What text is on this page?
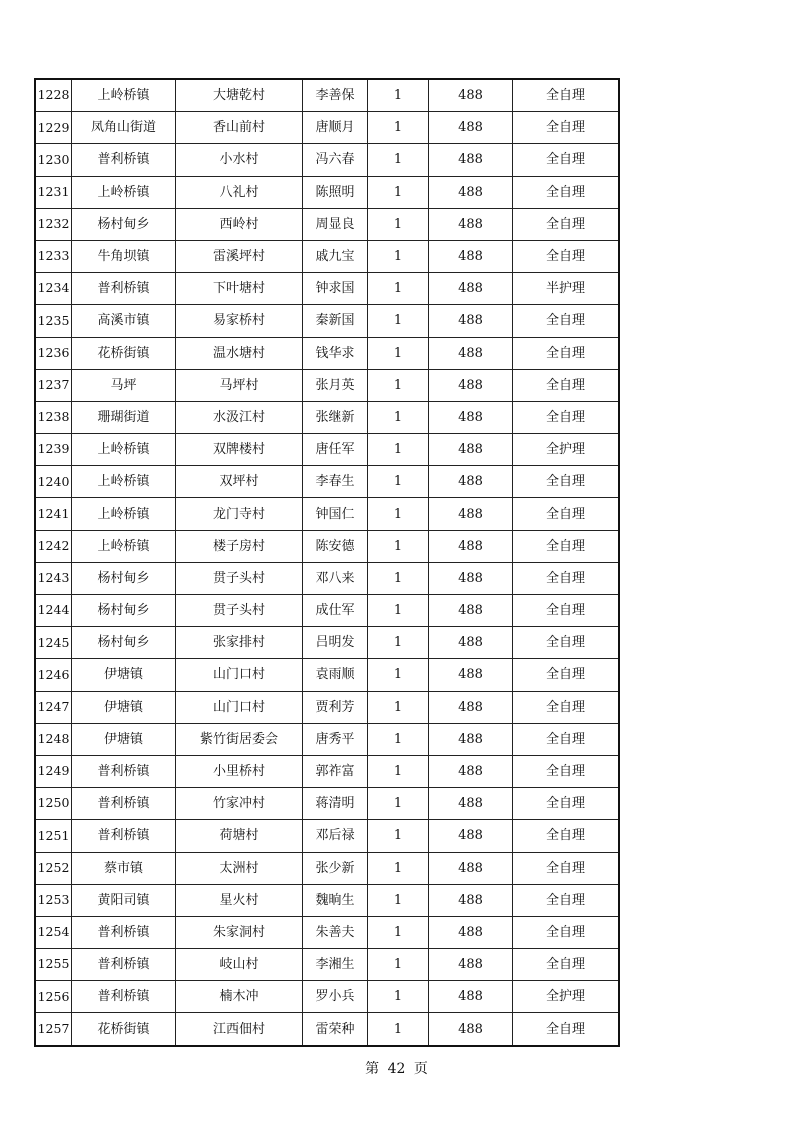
1228	上岭桥镇	大塘乾村	李善保	1	488	全自理
1229	凤角山街道	香山前村	唐顺月	1	488	全自理
1230	普利桥镇	小水村	冯六春	1	488	全自理
1231	上岭桥镇	八礼村	陈照明	1	488	全自理
1232	杨村甸乡	西岭村	周显良	1	488	全自理
1233	牛角坝镇	雷溪坪村	戚九宝	1	488	全自理
1234	普利桥镇	下叶塘村	钟求国	1	488	半护理
1235	高溪市镇	易家桥村	秦新国	1	488	全自理
1236	花桥街镇	温水塘村	钱华求	1	488	全自理
1237	马坪	马坪村	张月英	1	488	全自理
1238	珊瑚街道	水汲江村	张继新	1	488	全自理
1239	上岭桥镇	双牌楼村	唐任军	1	488	全护理
1240	上岭桥镇	双坪村	李春生	1	488	全自理
1241	上岭桥镇	龙门寺村	钟国仁	1	488	全自理
1242	上岭桥镇	楼子房村	陈安德	1	488	全自理
1243	杨村甸乡	贯子头村	邓八来	1	488	全自理
1244	杨村甸乡	贯子头村	成仕军	1	488	全自理
1245	杨村甸乡	张家排村	吕明发	1	488	全自理
1246	伊塘镇	山门口村	袁雨顺	1	488	全自理
1247	伊塘镇	山门口村	贾利芳	1	488	全自理
1248	伊塘镇	紫竹街居委会	唐秀平	1	488	全自理
1249	普利桥镇	小里桥村	郭祚富	1	488	全自理
1250	普利桥镇	竹家冲村	蒋清明	1	488	全自理
1251	普利桥镇	荷塘村	邓后禄	1	488	全自理
1252	蔡市镇	太洲村	张少新	1	488	全自理
1253	黄阳司镇	星火村	魏晌生	1	488	全自理
1254	普利桥镇	朱家洞村	朱善夫	1	488	全自理
1255	普利桥镇	岐山村	李湘生	1	488	全自理
1256	普利桥镇	楠木冲	罗小兵	1	488	全护理
1257	花桥街镇	江西佃村	雷荣种	1	488	全自理
第 42 页
